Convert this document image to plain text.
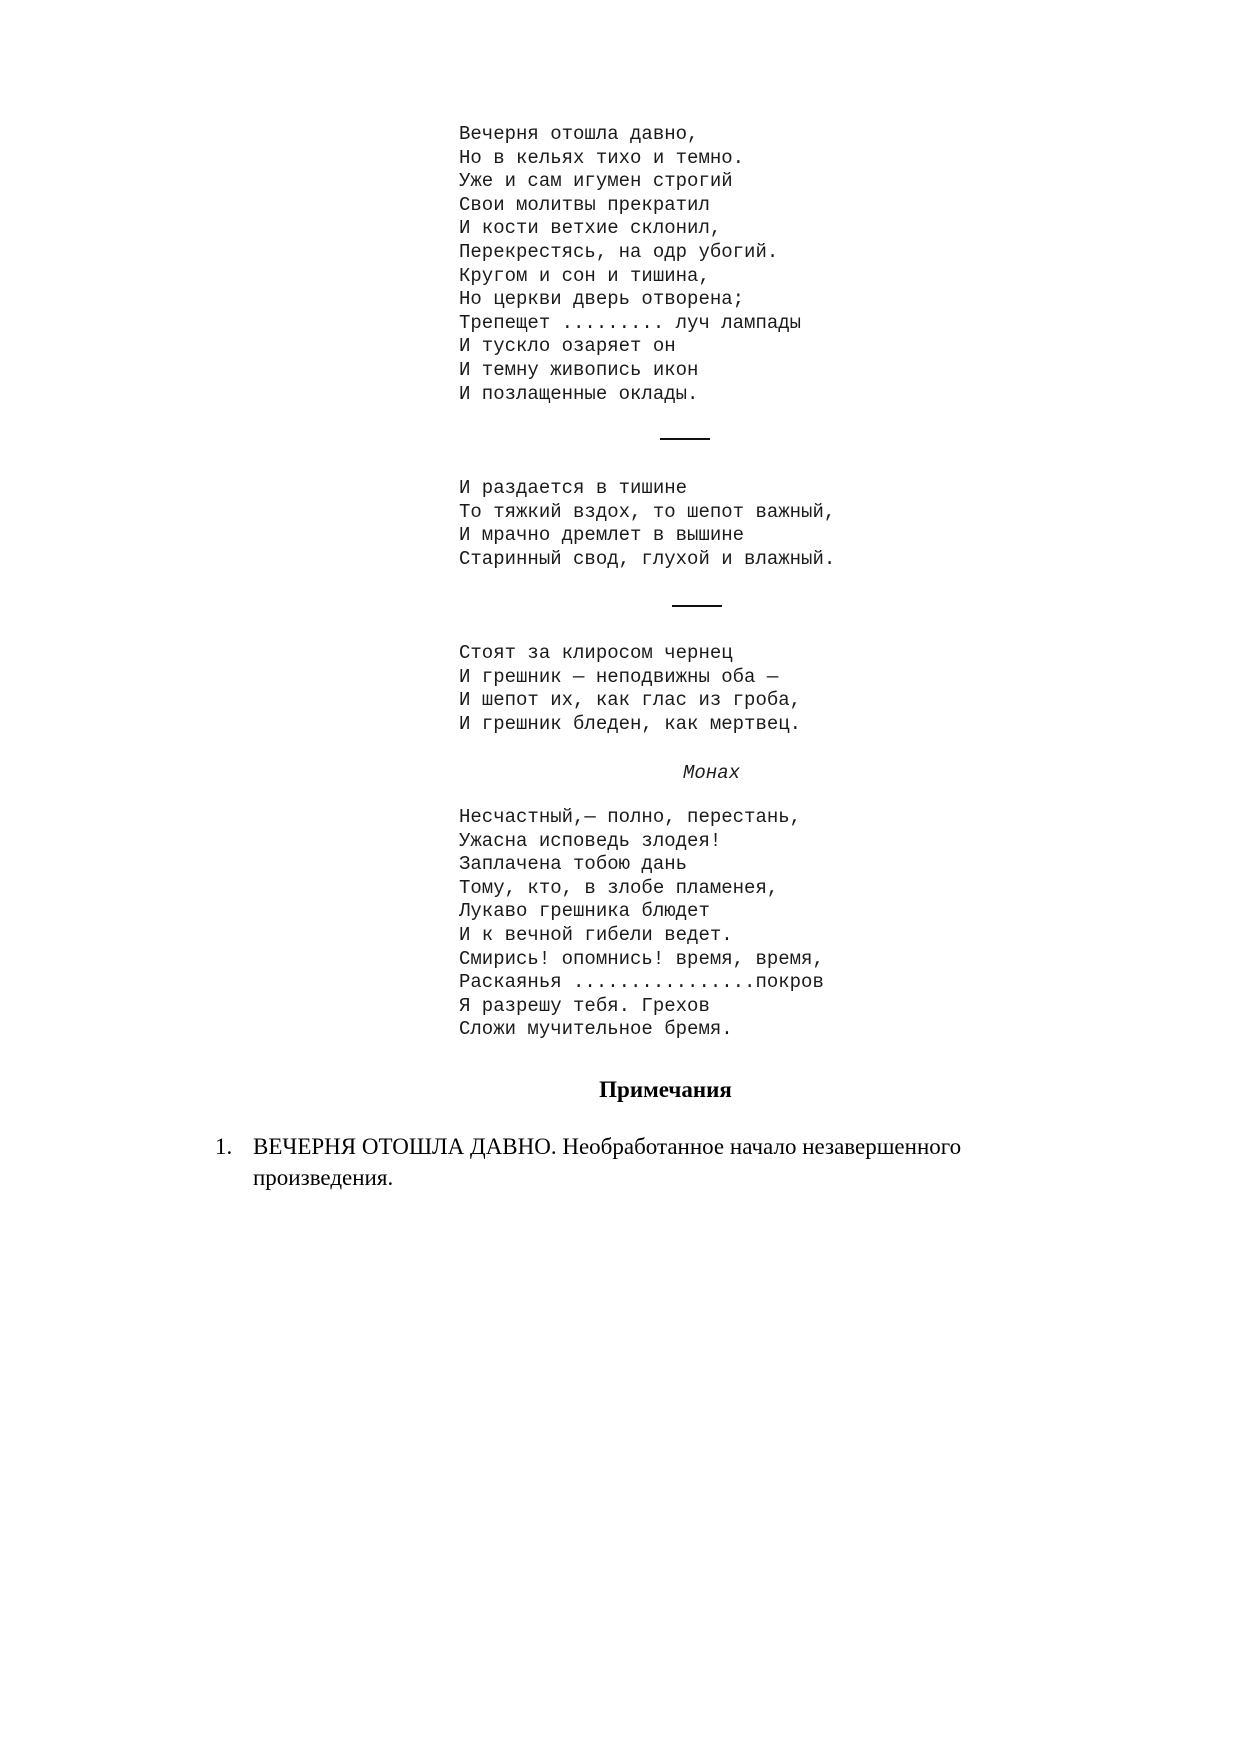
Вечерня отошла давно,
Но в кельях тихо и темно.
Уже и сам игумен строгий
Свои молитвы прекратил
И кости ветхие склонил,
Перекрестясь, на одр убогий.
Кругом и сон и тишина,
Но церкви дверь отворена;
Трепещет ......... луч лампады
И тускло озаряет он
И темну живопись икон
И позлащенные оклады.
И раздается в тишине
То тяжкий вздох, то шепот важный,
И мрачно дремлет в вышине
Старинный свод, глухой и влажный.
Стоят за клиросом чернец
И грешник — неподвижны оба —
И шепот их, как глас из гроба,
И грешник бледен, как мертвец.
Монах
Несчастный,— полно, перестань,
Ужасна исповедь злодея!
Заплачена тобою дань
Тому, кто, в злобе пламенея,
Лукаво грешника блюдет
И к вечной гибели ведет.
Смирись! опомнись! время, время,
Раскаянья ................покров
Я разрешу тебя. Грехов
Сложи мучительное бремя.
Примечания
1. ВЕЧЕРНЯ ОТОШЛА ДАВНО. Необработанное начало незавершенного произведения.
